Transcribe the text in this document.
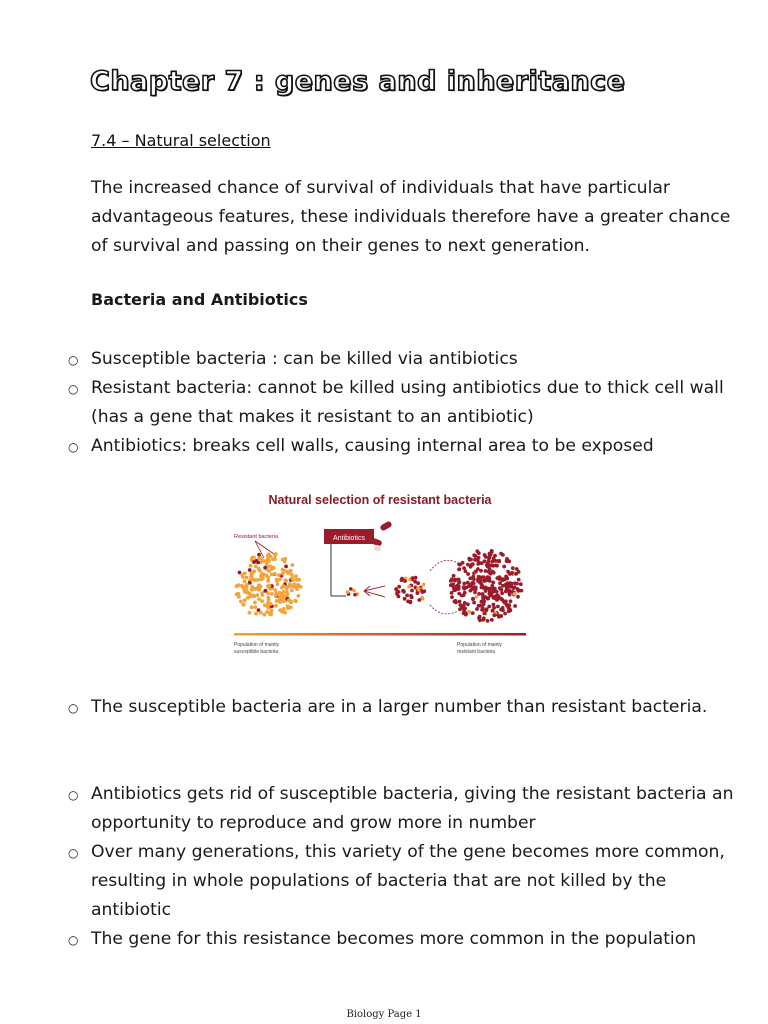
Chapter 7 : genes and inheritance
7.4 – Natural selection

The increased chance of survival of individuals that have particular advantageous features, these individuals therefore have a greater chance of survival and passing on their genes to next generation.

Bacteria and Antibiotics
○ Susceptible bacteria : can be killed via antibiotics
○ Resistant bacteria: cannot be killed using antibiotics due to thick cell wall (has a gene that makes it resistant to an antibiotic)
○ Antibiotics: breaks cell walls, causing internal area to be exposed
Natural selection of resistant bacteria
Resistant bacteria	Antibiotics
Population of mainly
susceptible bacteria
Population of mainly
resistant bacteria
○ The susceptible bacteria are in a larger number than resistant bacteria.
○ Antibiotics gets rid of susceptible bacteria, giving the resistant bacteria an opportunity to reproduce and grow more in number
○ Over many generations, this variety of the gene becomes more common, resulting in whole populations of bacteria that are not killed by the antibiotic
○ The gene for this resistance becomes more common in the population
Biology Page 1
